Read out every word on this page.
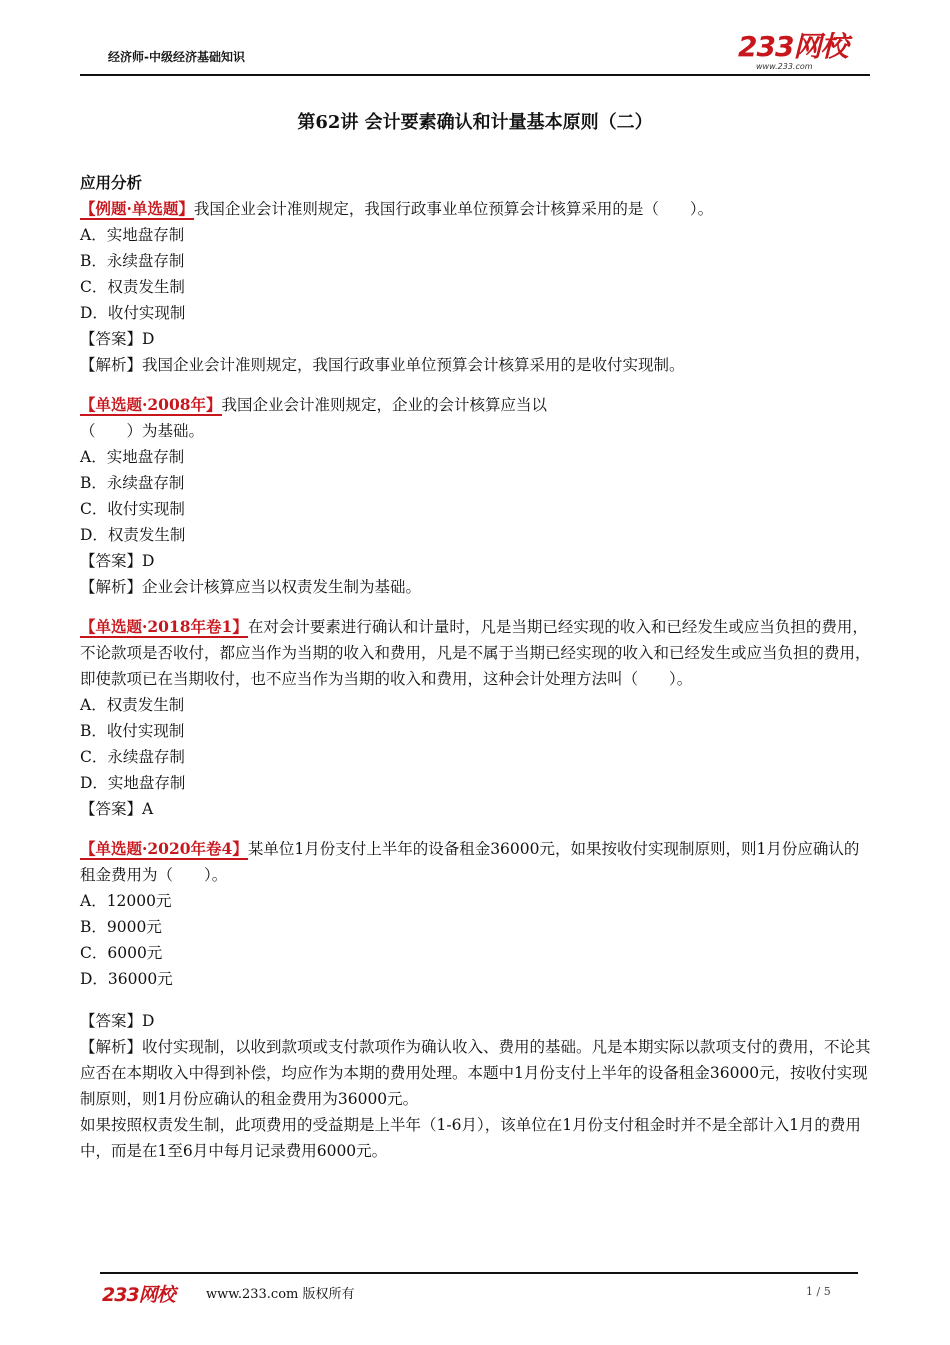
经济师-中级经济基础知识	233网校
www.233.com
第62讲 会计要素确认和计量基本原则（二）
应用分析
【例题·单选题】我国企业会计准则规定，我国行政事业单位预算会计核算采用的是（　　）。
A．实地盘存制
B．永续盘存制
C．权责发生制
D．收付实现制
【答案】D
【解析】我国企业会计准则规定，我国行政事业单位预算会计核算采用的是收付实现制。
【单选题·2008年】我国企业会计准则规定，企业的会计核算应当以
（　　）为基础。
A．实地盘存制
B．永续盘存制
C．收付实现制
D．权责发生制
【答案】D
【解析】企业会计核算应当以权责发生制为基础。
【单选题·2018年卷1】在对会计要素进行确认和计量时，凡是当期已经实现的收入和已经发生或应当负担的费用，不论款项是否收付，都应当作为当期的收入和费用，凡是不属于当期已经实现的收入和已经发生或应当负担的费用，即使款项已在当期收付，也不应当作为当期的收入和费用，这种会计处理方法叫（　　）。
A．权责发生制
B．收付实现制
C．永续盘存制
D．实地盘存制
【答案】A
【单选题·2020年卷4】某单位1月份支付上半年的设备租金36000元，如果按收付实现制原则，则1月份应确认的租金费用为（　　）。
A．12000元
B．9000元
C．6000元
D．36000元
【答案】D
【解析】收付实现制，以收到款项或支付款项作为确认收入、费用的基础。凡是本期实际以款项支付的费用，不论其应否在本期收入中得到补偿，均应作为本期的费用处理。本题中1月份支付上半年的设备租金36000元，按收付实现制原则，则1月份应确认的租金费用为36000元。
如果按照权责发生制，此项费用的受益期是上半年（1-6月），该单位在1月份支付租金时并不是全部计入1月的费用中，而是在1至6月中每月记录费用6000元。
233网校 www.233.com 版权所有	1 / 5
